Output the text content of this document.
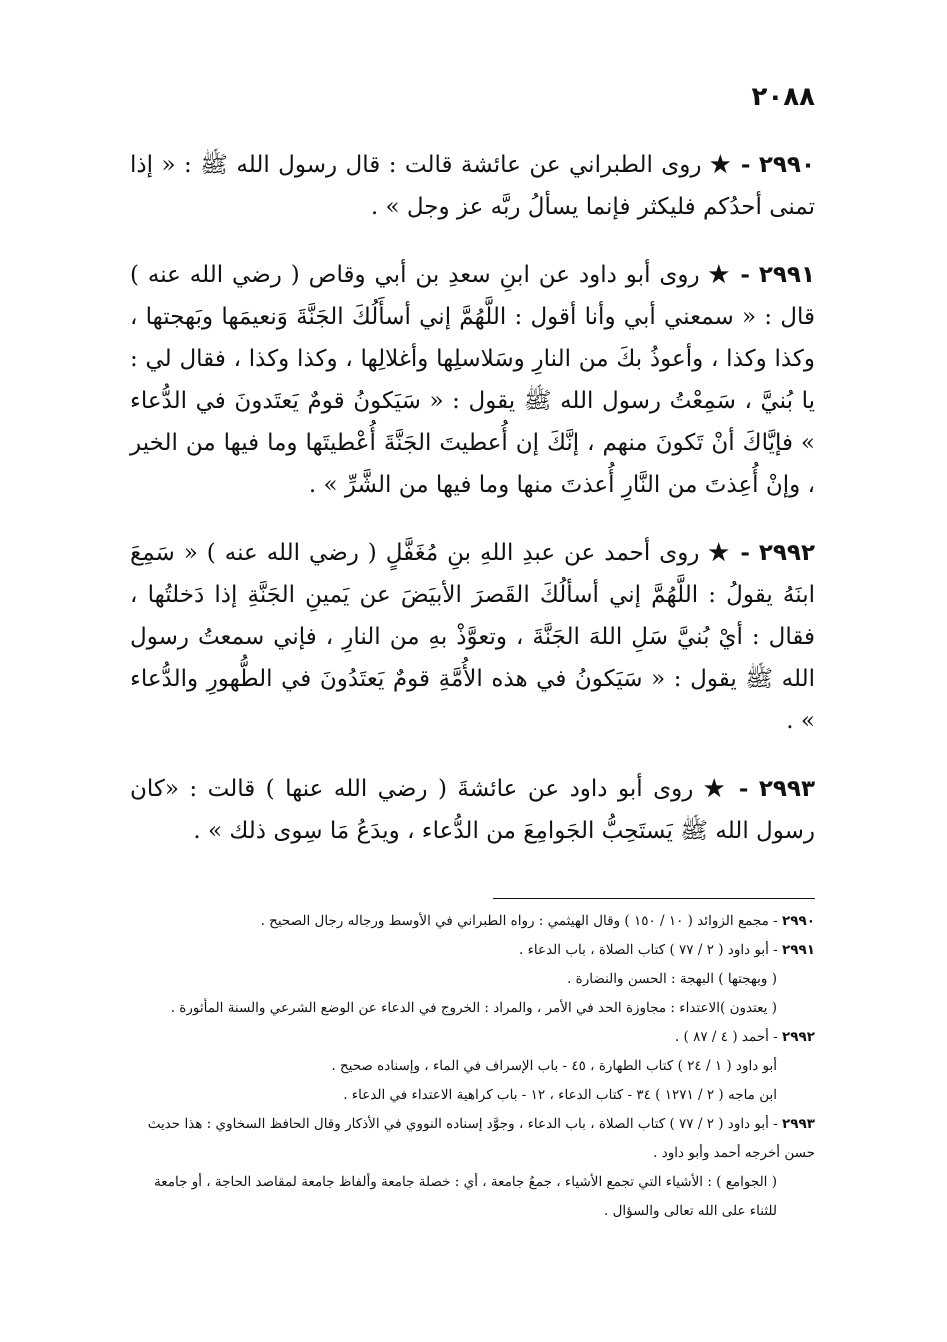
٢٠٨٨

٢٩٩٠ - ★ روى الطبراني عن عائشة قالت : قال رسول الله ﷺ : « إذا تمنى أحدُكم فليكثر فإنما يسألُ ربَّه عز وجل » .

٢٩٩١ - ★ روى أبو داود عن ابنِ سعدِ بن أبي وقاص ( رضي الله عنه ) قال : « سمعني أبي وأنا أقول : اللَّهُمَّ إني أسأَلُكَ الجَنَّةَ وَنعيمَها وبَهجتها ، وكذا وكذا ، وأعوذُ بكَ من النارِ وسَلاسلِها وأغلالِها ، وكذا وكذا ، فقال لي : يا بُنيَّ ، سَمِعْتُ رسول الله ﷺ يقول : « سَيَكونُ قومٌ يَعتَدونَ في الدُّعاء » فإيَّاكَ أنْ تَكونَ منهم ، إنَّكَ إن أُعطيتَ الجَنَّةَ أُعْطيتَها وما فيها من الخير ، وإنْ أُعِذتَ من النَّارِ أُعذتَ منها وما فيها من الشَّرِّ » .

٢٩٩٢ - ★ روى أحمد عن عبدِ اللهِ بنِ مُغَفَّلٍ ( رضي الله عنه ) « سَمِعَ ابنَهُ يقولُ : اللَّهُمَّ إني أسألُكَ القَصرَ الأبيَضَ عن يَمينِ الجَنَّةِ إذا دَخلتُها ، فقال : أيْ بُنيَّ سَلِ اللهَ الجَنَّةَ ، وتعوَّذْ بهِ من النارِ ، فإني سمعتُ رسول الله ﷺ يقول : « سَيَكونُ في هذه الأُمَّةِ قومٌ يَعتَدُونَ في الطُّهورِ والدُّعاء » .

٢٩٩٣ - ★ روى أبو داود عن عائشةَ ( رضي الله عنها ) قالت : «كان رسول الله ﷺ يَستَحِبُّ الجَوامِعَ من الدُّعاء ، ويدَعُ مَا سِوى ذلك » .

٢٩٩٠ - مجمع الزوائد ( ١٠ / ١٥٠ ) وقال الهيثمي : رواه الطبراني في الأوسط ورجاله رجال الصحيح .

٢٩٩١ - أبو داود ( ٢ / ٧٧ ) كتاب الصلاة ، باب الدعاء .

( وبهجتها ) البهجة : الحسن والنضارة .

( يعتدون )الاعتداء : مجاوزة الحد في الأمر ، والمراد : الخروج في الدعاء عن الوضع الشرعي والسنة المأثورة .

٢٩٩٢ - أحمد ( ٤ / ٨٧ ) .

أبو داود ( ١ / ٢٤ ) كتاب الطهارة ، ٤٥ - باب الإسراف في الماء ، وإسناده صحيح .

ابن ماجه ( ٢ / ١٢٧١ ) ٣٤ - كتاب الدعاء ، ١٢ - باب كراهية الاعتداء في الدعاء .

٢٩٩٣ - أبو داود ( ٢ / ٧٧ ) كتاب الصلاة ، باب الدعاء ، وجوَّد إسناده النووي في الأذكار وقال الحافظ السخاوي : هذا حديث حسن أخرجه أحمد وأبو داود .

( الجوامع ) : الأشياء التي تجمع الأشياء ، جمعُ جامعة ، أي : خصلة جامعة وألفاظ جامعة لمقاصد الحاجة ، أو جامعة للثناء على الله تعالى والسؤال .
